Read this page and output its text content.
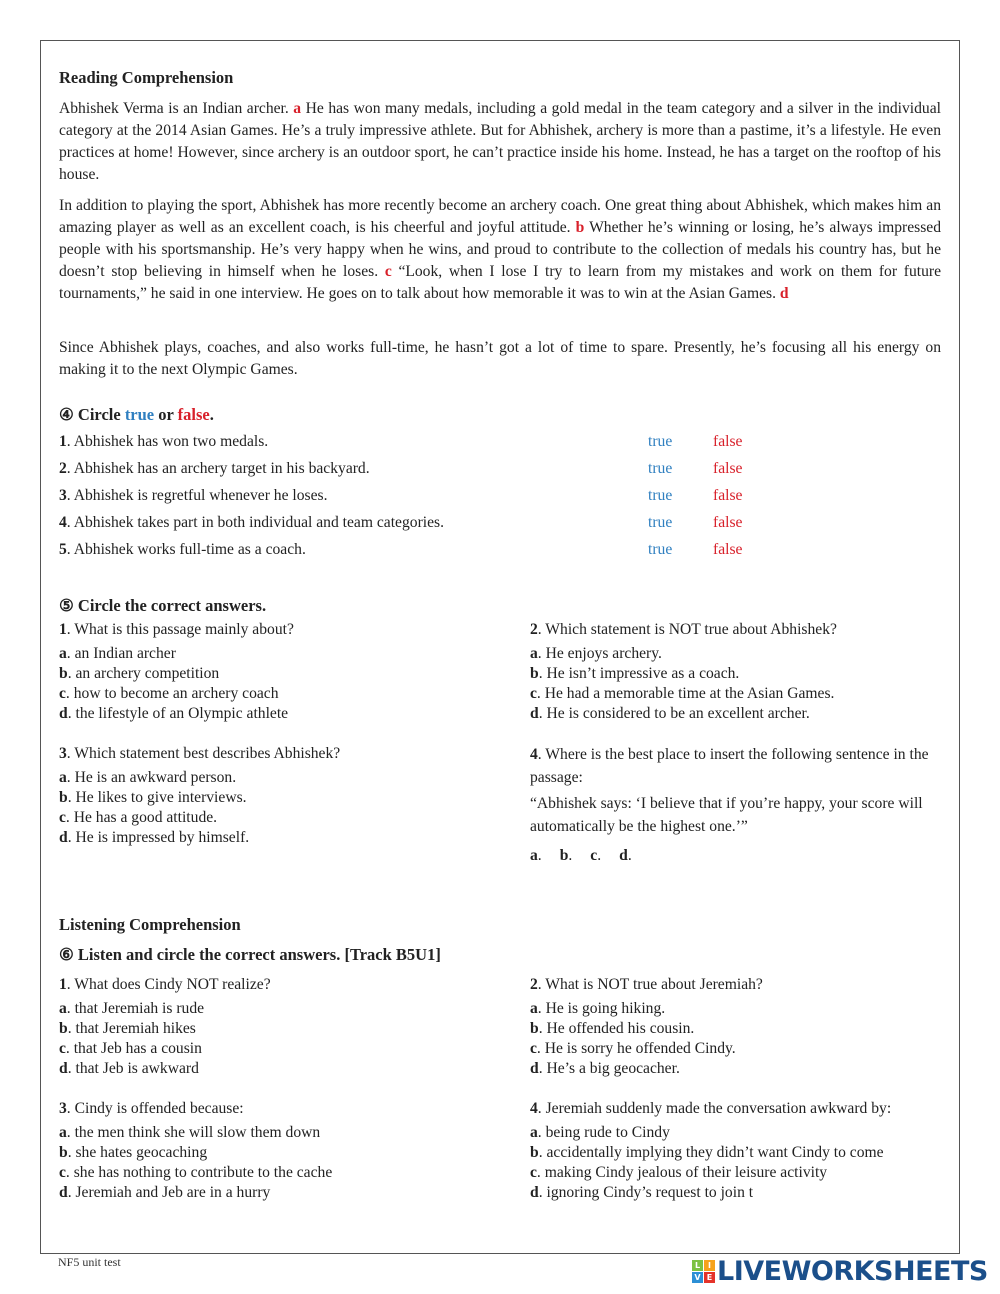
Reading Comprehension

Abhishek Verma is an Indian archer. a He has won many medals, including a gold medal in the team category and a silver in the individual category at the 2014 Asian Games. He’s a truly impressive athlete. But for Abhishek, archery is more than a pastime, it’s a lifestyle. He even practices at home! However, since archery is an outdoor sport, he can’t practice inside his home. Instead, he has a target on the rooftop of his house.

In addition to playing the sport, Abhishek has more recently become an archery coach. One great thing about Abhishek, which makes him an amazing player as well as an excellent coach, is his cheerful and joyful attitude. b Whether he’s winning or losing, he’s always impressed people with his sportsmanship. He’s very happy when he wins, and proud to contribute to the collection of medals his country has, but he doesn’t stop believing in himself when he loses. c “Look, when I lose I try to learn from my mistakes and work on them for future tournaments,” he said in one interview. He goes on to talk about how memorable it was to win at the Asian Games. d

Since Abhishek plays, coaches, and also works full-time, he hasn’t got a lot of time to spare. Presently, he’s focusing all his energy on making it to the next Olympic Games.

④ Circle true or false.
1. Abhishek has won two medals.	true	false
2. Abhishek has an archery target in his backyard.	true	false
3. Abhishek is regretful whenever he loses.	true	false
4. Abhishek takes part in both individual and team categories.	true	false
5. Abhishek works full-time as a coach.	true	false
⑤ Circle the correct answers.
1. What is this passage mainly about?
a. an Indian archer
b. an archery competition
c. how to become an archery coach
d. the lifestyle of an Olympic athlete
2. Which statement is NOT true about Abhishek?
a. He enjoys archery.
b. He isn’t impressive as a coach.
c. He had a memorable time at the Asian Games.
d. He is considered to be an excellent archer.
3. Which statement best describes Abhishek?
a. He is an awkward person.
b. He likes to give interviews.
c. He has a good attitude.
d. He is impressed by himself.
4. Where is the best place to insert the following sentence in the passage:
“Abhishek says: ‘I believe that if you’re happy, your score will automatically be the highest one.’”
a. b. c. d.
Listening Comprehension
⑥ Listen and circle the correct answers. [Track B5U1]
1. What does Cindy NOT realize?
a. that Jeremiah is rude
b. that Jeremiah hikes
c. that Jeb has a cousin
d. that Jeb is awkward
2. What is NOT true about Jeremiah?
a. He is going hiking.
b. He offended his cousin.
c. He is sorry he offended Cindy.
d. He’s a big geocacher.
3. Cindy is offended because:
a. the men think she will slow them down
b. she hates geocaching
c. she has nothing to contribute to the cache
d. Jeremiah and Jeb are in a hurry
4. Jeremiah suddenly made the conversation awkward by:
a. being rude to Cindy
b. accidentally implying they didn’t want Cindy to come
c. making Cindy jealous of their leisure activity
d. ignoring Cindy’s request to join t
NF5 unit test	L I
V E LIVEWORKSHEETS
